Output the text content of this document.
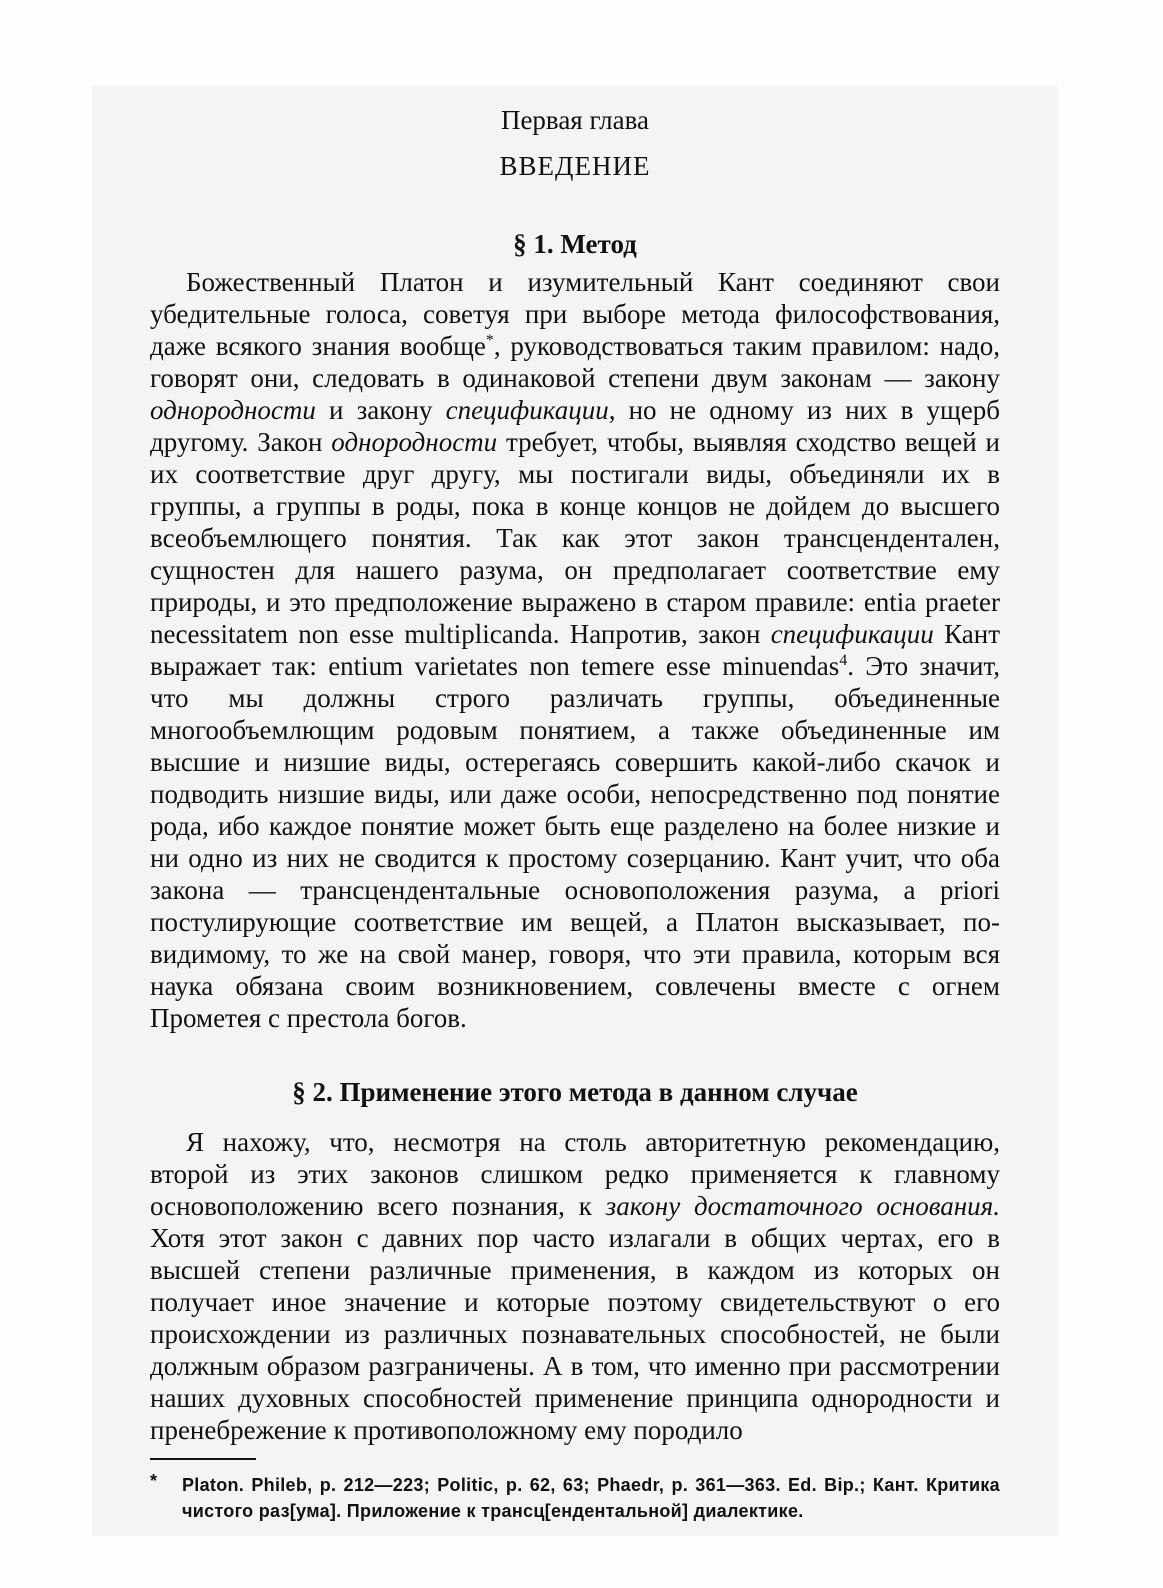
Первая глава

ВВЕДЕНИЕ

§ 1. Метод

Божественный Платон и изумительный Кант соединяют свои убедительные голоса, советуя при выборе метода философствования, даже всякого знания вообще*, руководствоваться таким правилом: надо, говорят они, следовать в одинаковой степени двум законам — закону однородности и закону спецификации, но не одному из них в ущерб другому. Закон однородности требует, чтобы, выявляя сходство вещей и их соответствие друг другу, мы постигали виды, объединяли их в группы, а группы в роды, пока в конце концов не дойдем до высшего всеобъемлющего понятия. Так как этот закон трансценденталeн, сущностен для нашего разума, он предполагает соответствие ему природы, и это предположение выражено в старом правиле: entia praeter necessitatem non esse multiplicanda. Напротив, закон спецификации Кант выражает так: entium varietates non temere esse minuendas$^4$. Это значит, что мы должны строго различать группы, объединенные многообъемлющим родовым понятием, а также объединенные им высшие и низшие виды, остерегаясь совершить какой-либо скачок и подводить низшие виды, или даже особи, непосредственно под понятие рода, ибо каждое понятие может быть еще разделено на более низкие и ни одно из них не сводится к простому созерцанию. Кант учит, что оба закона — трансцендентальные основоположения разума, a priori постулирующие соответствие им вещей, а Платон высказывает, по-видимому, то же на свой манер, говоря, что эти правила, которым вся наука обязана своим возникновением, совлечены вместе с огнем Прометея с престола богов.

§ 2. Применение этого метода в данном случае

Я нахожу, что, несмотря на столь авторитетную рекомендацию, второй из этих законов слишком редко применяется к главному основоположению всего познания, к закону достаточного основания. Хотя этот закон с давних пор часто излагали в общих чертах, его в высшей степени различные применения, в каждом из которых он получает иное значение и которые поэтому свидетельствуют о его происхождении из различных познавательных способностей, не были должным образом разграничены. А в том, что именно при рассмотрении наших духовных способностей применение принципа однородности и пренебрежение к противоположному ему породило

* Platon. Phileb, p. 212—223; Politic, p. 62, 63; Phaedr, p. 361—363. Ed. Bip.; Кант. Критика чистого раз[ума]. Приложение к трансц[ендентальной] диалектике.
